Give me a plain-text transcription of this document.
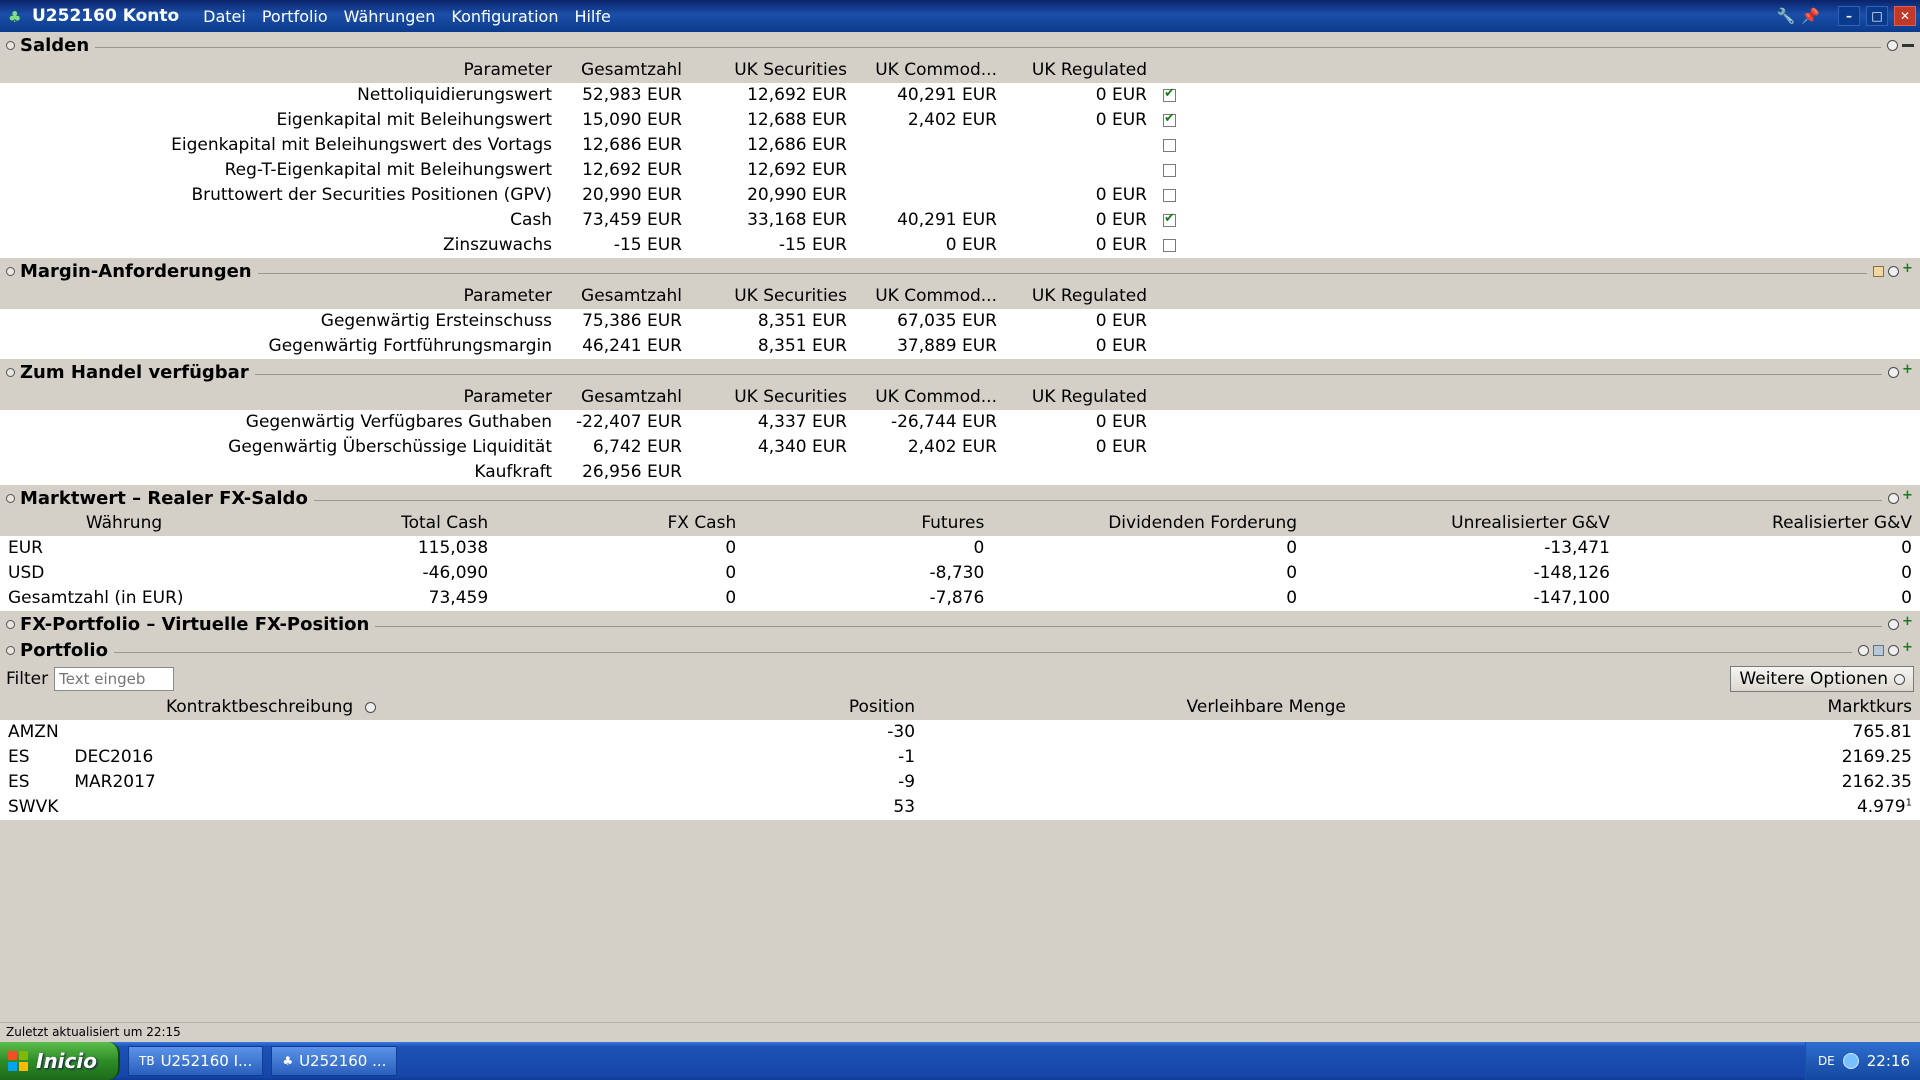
♣ U252160 Konto	Datei	Portfolio	Währungen	Konfiguration	Hilfe	🔧 📌	–	□	✕
Salden
Parameter	Gesamtzahl	UK Securities	UK Commod...	UK Regulated		
Nettoliquidierungswert	52,983 EUR	12,692 EUR	40,291 EUR	0 EUR	✔	
Eigenkapital mit Beleihungswert	15,090 EUR	12,688 EUR	2,402 EUR	0 EUR	✔	
Eigenkapital mit Beleihungswert des Vortags	12,686 EUR	12,686 EUR				
Reg-T-Eigenkapital mit Beleihungswert	12,692 EUR	12,692 EUR				
Bruttowert der Securities Positionen (GPV)	20,990 EUR	20,990 EUR		0 EUR		
Cash	73,459 EUR	33,168 EUR	40,291 EUR	0 EUR	✔	
Zinszuwachs	-15 EUR	-15 EUR	0 EUR	0 EUR		
Margin-Anforderungen
+
Parameter	Gesamtzahl	UK Securities	UK Commod...	UK Regulated		
Gegenwärtig Ersteinschuss	75,386 EUR	8,351 EUR	67,035 EUR	0 EUR		
Gegenwärtig Fortführungsmargin	46,241 EUR	8,351 EUR	37,889 EUR	0 EUR		
Zum Handel verfügbar
+
Parameter	Gesamtzahl	UK Securities	UK Commod...	UK Regulated		
Gegenwärtig Verfügbares Guthaben	-22,407 EUR	4,337 EUR	-26,744 EUR	0 EUR		
Gegenwärtig Überschüssige Liquidität	6,742 EUR	4,340 EUR	2,402 EUR	0 EUR		
Kaufkraft	26,956 EUR					
Marktwert – Realer FX-Saldo
+
Währung	Total Cash	FX Cash	Futures	Dividenden Forderung	Unrealisierter G&V	Realisierter G&V
EUR	115,038	0	0	0	-13,471	0
USD	-46,090	0	-8,730	0	-148,126	0
Gesamtzahl (in EUR)	73,459	0	-7,876	0	-147,100	0
FX-Portfolio – Virtuelle FX-Position
+
Portfolio
+
Filter
Text eingeb	Weitere Optionen
Kontraktbeschreibung	Position	Verleihbare Menge	Marktkurs
AMZN	-30		765.81
ES DEC2016	-1		2169.25
ES MAR2017	-9		2162.35
SWVK	53		4.979$^1$
Zuletzt aktualisiert um 22:15
Inicio	TB U252160 I...	♣ U252160 ...	DE 22:16
